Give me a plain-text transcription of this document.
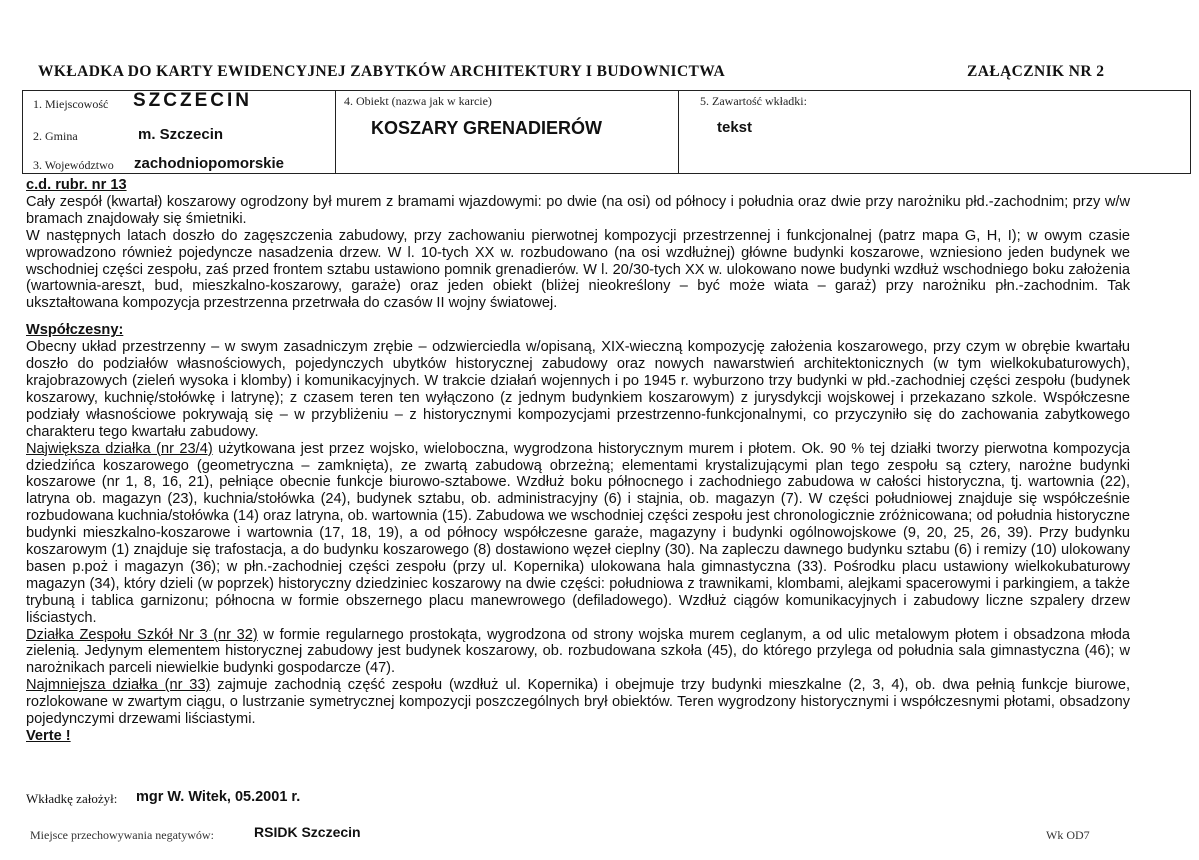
WKŁADKA DO KARTY EWIDENCYJNEJ ZABYTKÓW ARCHITEKTURY I BUDOWNICTWA	ZAŁĄCZNIK NR 2
1. Miejscowość SZCZECIN
2. Gmina	m. Szczecin
3. Województwo zachodniopomorskie
4. Obiekt (nazwa jak w karcie)
KOSZARY GRENADIERÓW
5. Zawartość wkładki:
tekst

c.d. rubr. nr 13

Cały zespół (kwartał) koszarowy ogrodzony był murem z bramami wjazdowymi: po dwie (na osi) od północy i południa oraz dwie przy narożniku płd.-zachodnim; przy w/w bramach znajdowały się śmietniki.

W następnych latach doszło do zagęszczenia zabudowy, przy zachowaniu pierwotnej kompozycji przestrzennej i funkcjonalnej (patrz mapa G, H, I); w owym czasie wprowadzono również pojedyncze nasadzenia drzew. W l. 10-tych XX w. rozbudowano (na osi wzdłużnej) główne budynki koszarowe, wzniesiono jeden budynek we wschodniej części zespołu, zaś przed frontem sztabu ustawiono pomnik grenadierów. W l. 20/30-tych XX w. ulokowano nowe budynki wzdłuż wschodniego boku założenia (wartownia-areszt, bud, mieszkalno-koszarowy, garaże) oraz jeden obiekt (bliżej nieokreślony – być może wiata – garaż) przy narożniku płn.-zachodnim. Tak ukształtowana kompozycja przestrzenna przetrwała do czasów II wojny światowej.

Współczesny:

Obecny układ przestrzenny – w swym zasadniczym zrębie – odzwierciedla w/opisaną, XIX-wieczną kompozycję założenia koszarowego, przy czym w obrębie kwartału doszło do podziałów własnościowych, pojedynczych ubytków historycznej zabudowy oraz nowych nawarstwień architektonicznych (w tym wielkokubaturowych), krajobrazowych (zieleń wysoka i klomby) i komunikacyjnych. W trakcie działań wojennych i po 1945 r. wyburzono trzy budynki w płd.-zachodniej części zespołu (budynek koszarowy, kuchnię/stołówkę i latrynę); z czasem teren ten wyłączono (z jednym budynkiem koszarowym) z jurysdykcji wojskowej i przekazano szkole. Współczesne podziały własnościowe pokrywają się – w przybliżeniu – z historycznymi kompozycjami przestrzenno-funkcjonalnymi, co przyczyniło się do zachowania zabytkowego charakteru tego kwartału zabudowy.

Największa działka (nr 23/4) użytkowana jest przez wojsko, wieloboczna, wygrodzona historycznym murem i płotem. Ok. 90 % tej działki tworzy pierwotna kompozycja dziedzińca koszarowego (geometryczna – zamknięta), ze zwartą zabudową obrzeżną; elementami krystalizującymi plan tego zespołu są cztery, narożne budynki koszarowe (nr 1, 8, 16, 21), pełniące obecnie funkcje biurowo-sztabowe. Wzdłuż boku północnego i zachodniego zabudowa w całości historyczna, tj. wartownia (22), latryna ob. magazyn (23), kuchnia/stołówka (24), budynek sztabu, ob. administracyjny (6) i stajnia, ob. magazyn (7). W części południowej znajduje się współcześnie rozbudowana kuchnia/stołówka (14) oraz latryna, ob. wartownia (15). Zabudowa we wschodniej części zespołu jest chronologicznie zróżnicowana; od południa historyczne budynki mieszkalno-koszarowe i wartownia (17, 18, 19), a od północy współczesne garaże, magazyny i budynki ogólnowojskowe (9, 20, 25, 26, 39). Przy budynku koszarowym (1) znajduje się trafostacja, a do budynku koszarowego (8) dostawiono węzeł cieplny (30). Na zapleczu dawnego budynku sztabu (6) i remizy (10) ulokowany basen p.poż i magazyn (36); w płn.-zachodniej części zespołu (przy ul. Kopernika) ulokowana hala gimnastyczna (33). Pośrodku placu ustawiony wielkokubaturowy magazyn (34), który dzieli (w poprzek) historyczny dziedziniec koszarowy na dwie części: południowa z trawnikami, klombami, alejkami spacerowymi i parkingiem, a także trybuną i tablica garnizonu; północna w formie obszernego placu manewrowego (defiladowego). Wzdłuż ciągów komunikacyjnych i zabudowy liczne szpalery drzew liściastych.

Działka Zespołu Szkół Nr 3 (nr 32) w formie regularnego prostokąta, wygrodzona od strony wojska murem ceglanym, a od ulic metalowym płotem i obsadzona młoda zielenią. Jedynym elementem historycznej zabudowy jest budynek koszarowy, ob. rozbudowana szkoła (45), do którego przylega od południa sala gimnastyczna (46); w narożnikach parceli niewielkie budynki gospodarcze (47).

Najmniejsza działka (nr 33) zajmuje zachodnią część zespołu (wzdłuż ul. Kopernika) i obejmuje trzy budynki mieszkalne (2, 3, 4), ob. dwa pełnią funkcje biurowe, rozlokowane w zwartym ciągu, o lustrzanie symetrycznej kompozycji poszczególnych brył obiektów. Teren wygrodzony historycznymi i współczesnymi płotami, obsadzony pojedynczymi drzewami liściastymi.

Verte !

Wkładkę założył: mgr W. Witek, 05.2001 r.
Miejsce przechowywania negatywów:	RSIDK Szczecin	Wk OD7
